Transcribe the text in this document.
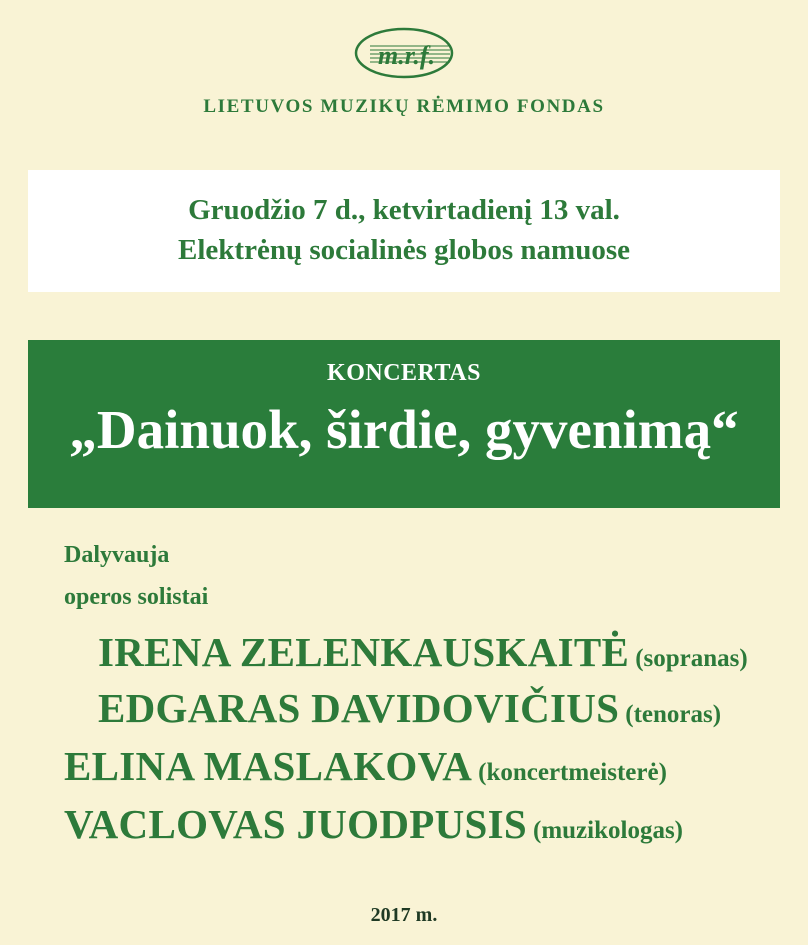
m.r.f.
LIETUVOS MUZIKŲ RĖMIMO FONDAS
Gruodžio 7 d., ketvirtadienį 13 val.
Elektrėnų socialinės globos namuose
KONCERTAS
„Dainuok, širdie, gyvenimą“
Dalyvauja
operos solistai
IRENA ZELENKAUSKAITĖ (sopranas)
EDGARAS DAVIDOVIČIUS (tenoras)
ELINA MASLAKOVA (koncertmeisterė)
VACLOVAS JUODPUSIS (muzikologas)
2017 m.
